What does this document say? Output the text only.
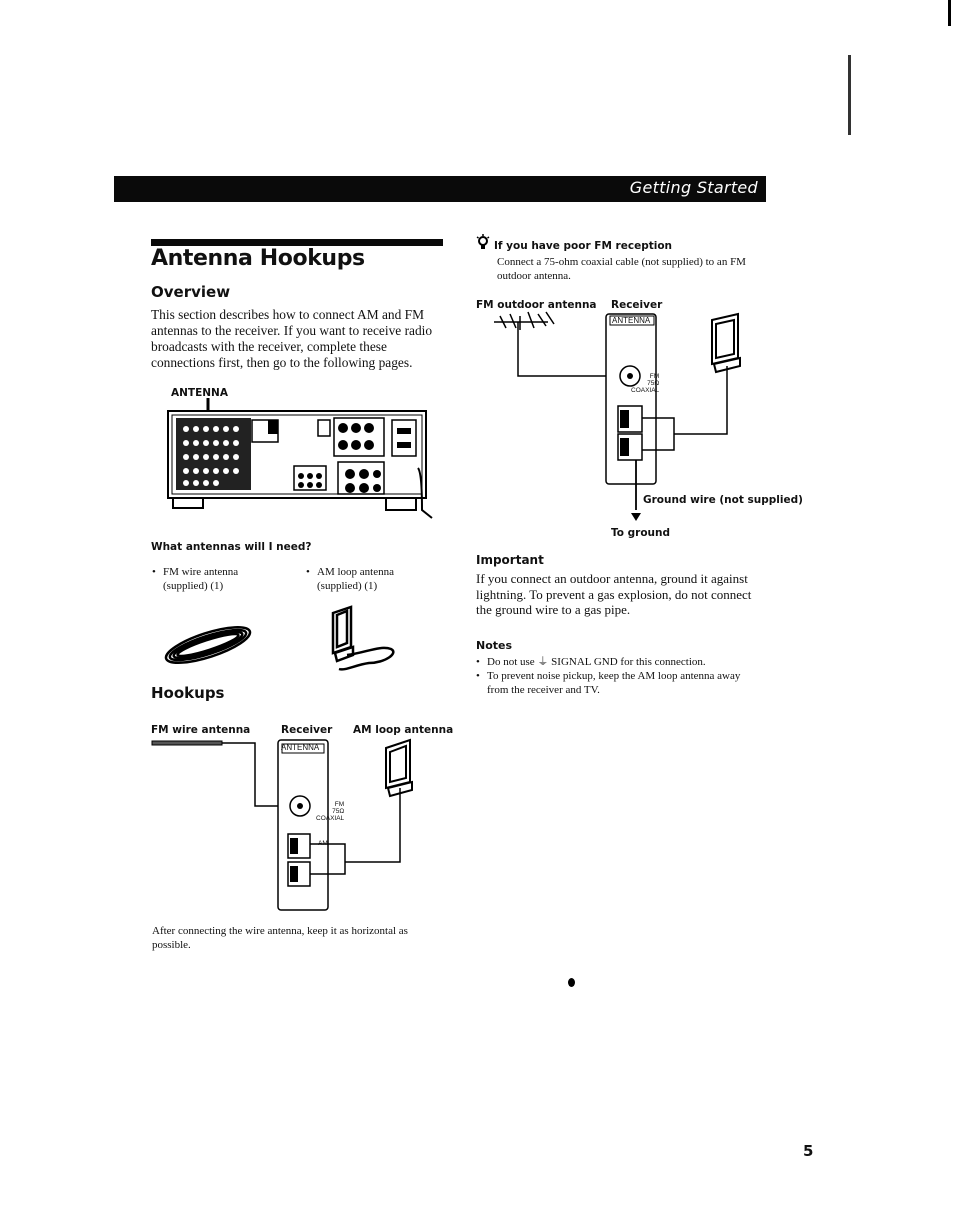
Getting Started
Antenna Hookups
Overview
This section describes how to connect AM and FM
antennas to the receiver. If you want to receive radio
broadcasts with the receiver, complete these
connections first, then go to the following pages.
ANTENNA
What antennas will I need?
• FM wire antenna
(supplied) (1)
• AM loop antenna
(supplied) (1)
Hookups
FM wire antenna	Receiver AM loop antenna
ANTENNA
FM
75Ω
COAXIAL
AM
After connecting the wire antenna, keep it as horizontal as
possible.
If you have poor FM reception
Connect a 75-ohm coaxial cable (not supplied) to an FM
outdoor antenna.
FM outdoor antenna Receiver
ANTENNA
FM
75Ω
COAXIAL
Ground wire (not supplied)
To ground
Important
If you connect an outdoor antenna, ground it against
lightning. To prevent a gas explosion, do not connect
the ground wire to a gas pipe.
Notes
• Do not use ⏚ SIGNAL GND for this connection.
• To prevent noise pickup, keep the AM loop antenna away
from the receiver and TV.
5
